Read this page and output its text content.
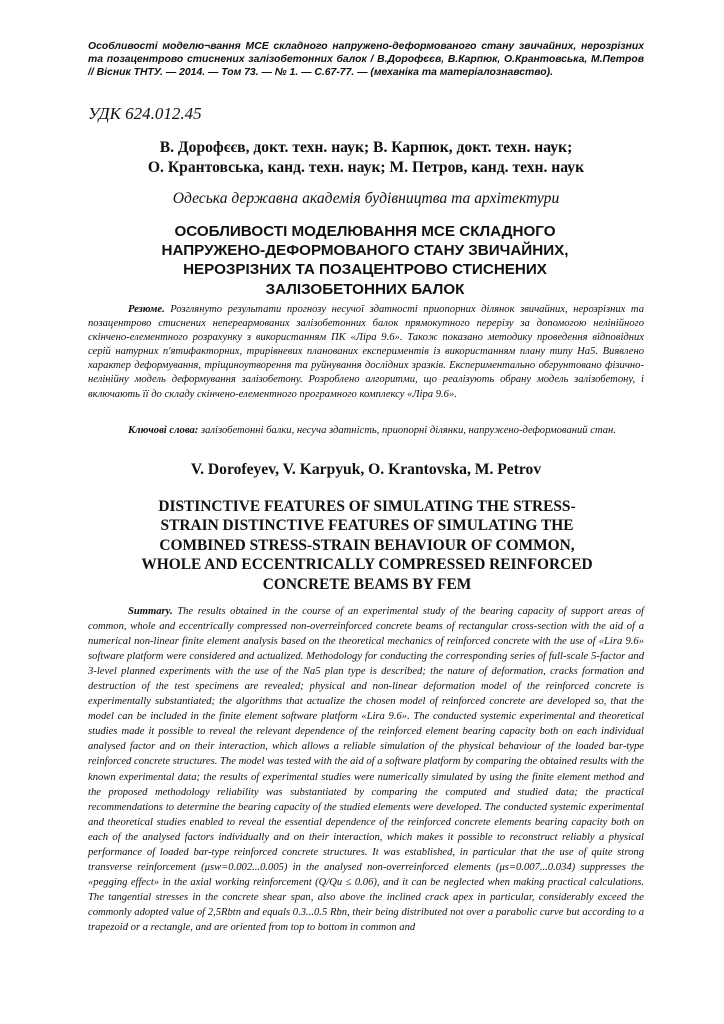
Особливості моделю¬вання МСЕ складного напружено-деформованого стану звичайних, нерозрізних та позацентрово стиснених залізобетонних балок / В.Дорофєєв, В.Карпюк, О.Крантовська, М.Петров // Вісник ТНТУ. — 2014. — Том 73. — № 1. — С.67-77. — (механіка та матеріалознавство).
УДК 624.012.45
В. Дорофєєв, докт. техн. наук; В. Карпюк, докт. техн. наук;
О. Крантовська, канд. техн. наук; М. Петров, канд. техн. наук
Одеська державна академія будівництва та архітектури
ОСОБЛИВОСТІ МОДЕЛЮВАННЯ МСЕ СКЛАДНОГО
НАПРУЖЕНО-ДЕФОРМОВАНОГО СТАНУ ЗВИЧАЙНИХ,
НЕРОЗРІЗНИХ ТА ПОЗАЦЕНТРОВО СТИСНЕНИХ
ЗАЛІЗОБЕТОННИХ БАЛОК
Резюме. Розглянуто результати прогнозу несучої здатності приопорних ділянок звичайних, нерозрізних та позацентрово стиснених непереармованих залізобетонних балок прямокутного перерізу за допомогою нелінійного скінчено-елементного розрахунку з використанням ПК «Ліра 9.6». Також показано методику проведення відповідних серій натурних п'ятифакторних, трирівневих планованих експериментів із використанням плану типу На5. Виявлено характер деформування, тріщиноутворення та руйнування дослідних зразків. Експериментально обгрунтовано фізично-нелінійну модель деформування залізобетону. Розроблено алгоритми, що реалізують обрану модель залізобетону, і включають її до складу скінчено-елементного програмного комплексу «Ліра 9.6».
Ключові слова: залізобетонні балки, несуча здатність, приопорні ділянки, напружено-деформований стан.
V. Dorofeyev, V. Karpyuk, O. Krantovska, M. Petrov
DISTINCTIVE FEATURES OF SIMULATING THE STRESS-
STRAIN DISTINCTIVE FEATURES OF SIMULATING THE
COMBINED STRESS-STRAIN BEHAVIOUR OF COMMON,
WHOLE AND ECCENTRICALLY COMPRESSED REINFORCED
CONCRETE BEAMS BY FEM
Summary. The results obtained in the course of an experimental study of the bearing capacity of support areas of common, whole and eccentrically compressed non-overreinforced concrete beams of rectangular cross-section with the aid of a numerical non-linear finite element analysis based on the theoretical mechanics of reinforced concrete with the use of «Lira 9.6» software platform were considered and actualized. Methodology for conducting the corresponding series of full-scale 5-factor and 3-level planned experiments with the use of the Na5 plan type is described; the nature of deformation, cracks formation and destruction of the test specimens are revealed; physical and non-linear deformation model of the reinforced concrete is experimentally substantiated; the algorithms that actualize the chosen model of reinforced concrete are developed so, that the model can be included in the finite element software platform «Lira 9.6». The conducted systemic experimental and theoretical studies made it possible to reveal the relevant dependence of the reinforced element bearing capacity both on each individual analysed factor and on their interaction, which allows a reliable simulation of the physical behaviour of the loaded bar-type reinforced concrete structures. The model was tested with the aid of a software platform by comparing the obtained results with the known experimental data; the results of experimental studies were numerically simulated by using the finite element method and the proposed methodology reliability was substantiated by comparing the computed and studied data; the practical recommendations to determine the bearing capacity of the studied elements were developed. The conducted systemic experimental and theoretical studies enabled to reveal the essential dependence of the reinforced concrete elements bearing capacity both on each of the analysed factors individually and on their interaction, which makes it possible to reconstruct reliably a physical performance of loaded bar-type reinforced concrete structures. It was established, in particular that the use of quite strong transverse reinforcement (μsw=0.002...0.005) in the analysed non-overreinforced elements (μs=0.007...0.034) suppresses the «pegging effect» in the axial working reinforcement (Q/Qu ≤ 0.06), and it can be neglected when making practical calculations. The tangential stresses in the concrete shear span, also above the inclined crack apex in particular, considerably exceed the commonly adopted value of 2,5Rbtn and equals 0.3...0.5 Rbn, their being distributed not over a parabolic curve but according to a trapezoid or a rectangle, and are oriented from top to bottom in common and
